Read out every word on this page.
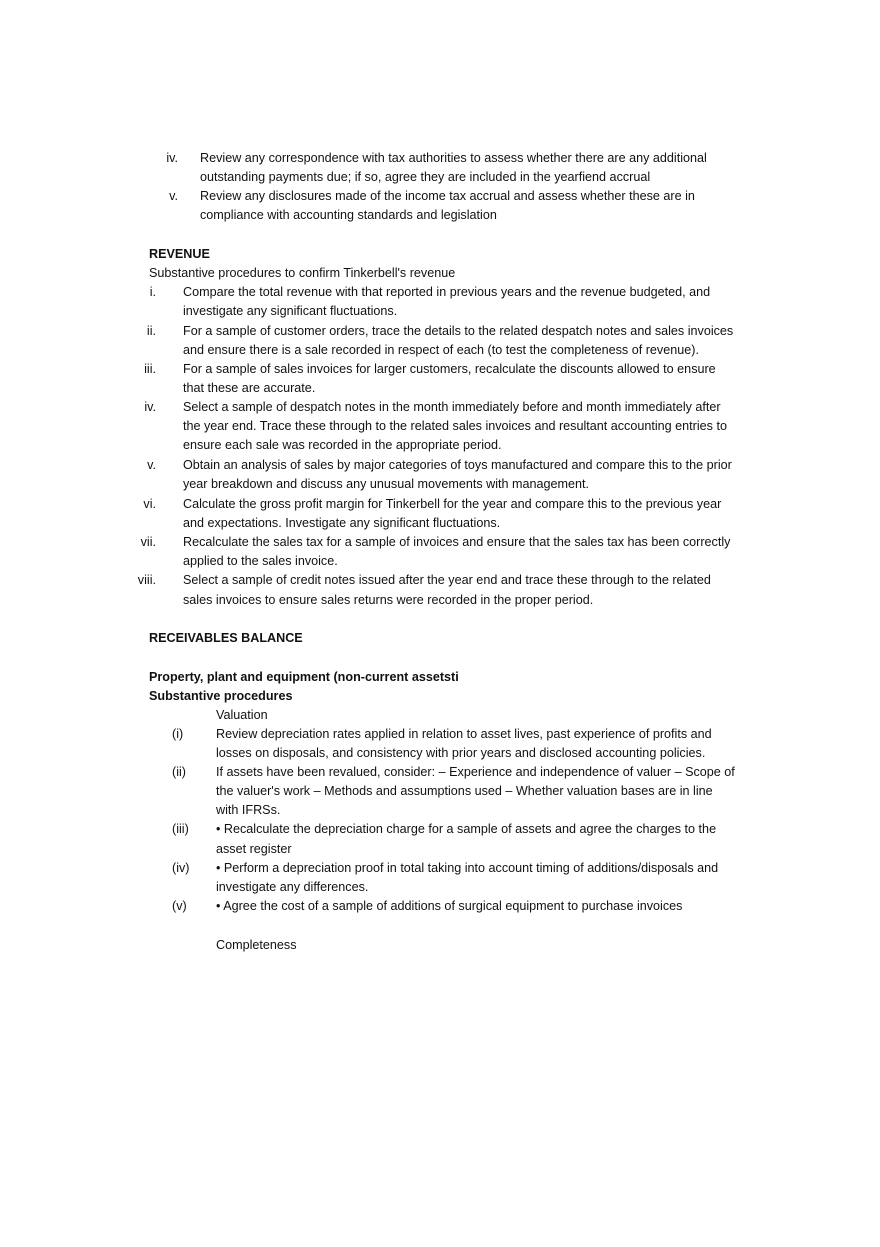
iv. Review any correspondence with tax authorities to assess whether there are any additional
outstanding payments due; if so, agree they are included in the yearfiend accrual
v. Review any disclosures made of the income tax accrual and assess whether these are in
compliance with accounting standards and legislation
REVENUE
Substantive procedures to confirm Tinkerbell's revenue
i. Compare the total revenue with that reported in previous years and the revenue budgeted, and
investigate any significant fluctuations.
ii. For a sample of customer orders, trace the details to the related despatch notes and sales invoices
and ensure there is a sale recorded in respect of each (to test the completeness of revenue).
iii. For a sample of sales invoices for larger customers, recalculate the discounts allowed to ensure
that these are accurate.
iv. Select a sample of despatch notes in the month immediately before and month immediately after
the year end. Trace these through to the related sales invoices and resultant accounting entries to
ensure each sale was recorded in the appropriate period.
v. Obtain an analysis of sales by major categories of toys manufactured and compare this to the prior
year breakdown and discuss any unusual movements with management.
vi. Calculate the gross profit margin for Tinkerbell for the year and compare this to the previous year
and expectations. Investigate any significant fluctuations.
vii. Recalculate the sales tax for a sample of invoices and ensure that the sales tax has been correctly
applied to the sales invoice.
viii. Select a sample of credit notes issued after the year end and trace these through to the related
sales invoices to ensure sales returns were recorded in the proper period.
RECEIVABLES BALANCE
Property, plant and equipment (non-current assetsti
Substantive procedures
Valuation
(i)	Review depreciation rates applied in relation to asset lives, past experience of profits and
losses on disposals, and consistency with prior years and disclosed accounting policies.
(ii) If assets have been revalued, consider: – Experience and independence of valuer – Scope of
the valuer's work – Methods and assumptions used – Whether valuation bases are in line
with IFRSs.
(iii) • Recalculate the depreciation charge for a sample of assets and agree the charges to the
asset register
(iv) • Perform a depreciation proof in total taking into account timing of additions/disposals and
investigate any differences.
(v) • Agree the cost of a sample of additions of surgical equipment to purchase invoices
Completeness
